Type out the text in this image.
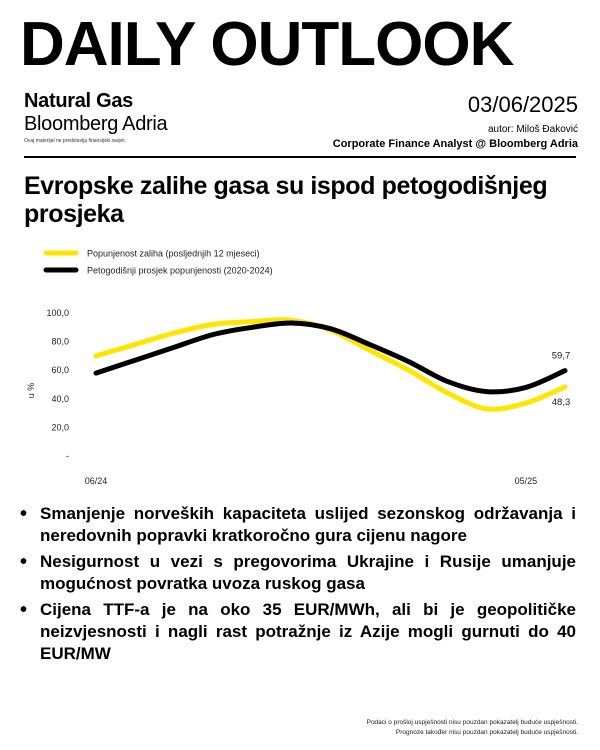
DAILY OUTLOOK
Natural Gas
Bloomberg Adria
Ovaj materijal ne predstavlja finansijski savjet.
03/06/2025
autor: Miloš Đaković
Corporate Finance Analyst @ Bloomberg Adria
Evropske zalihe gasa su ispod petogodišnjeg prosjeka
Popunjenost zaliha (posljednjih 12 mjeseci)
Petogodišnji prosjek popunjenosti (2020-2024)
100,0
80,0
60,0
40,0
20,0
-
u %
06/24	05/25
48,3
59,7
• Smanjenje norveških kapaciteta uslijed sezonskog održavanja i neredovnih popravki kratkoročno gura cijenu nagore
• Nesigurnost u vezi s pregovorima Ukrajine i Rusije umanjuje mogućnost povratka uvoza ruskog gasa
• Cijena TTF-a je na oko 35 EUR/MWh, ali bi je geopolitičke neizvjesnosti i nagli rast potražnje iz Azije mogli gurnuti do 40 EUR/MW
Podaci o prošloj uspješnosti nisu pouzdan pokazatelj buduće uspješnosti.
Prognoze također nisu pouzdan pokazatelj buduće uspješnosti.
